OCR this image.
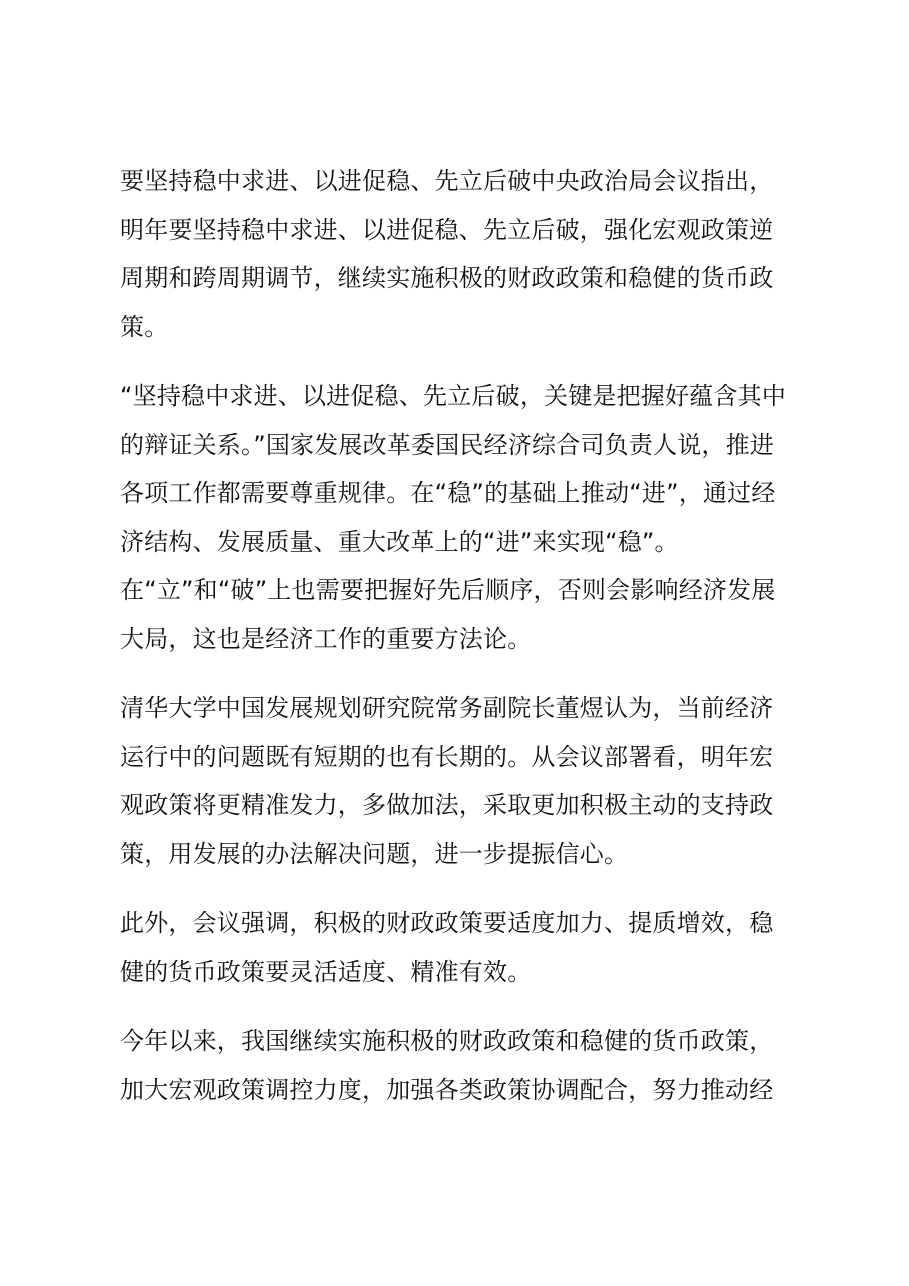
要坚持稳中求进、以进促稳、先立后破中央政治局会议指出，明年要坚持稳中求进、以进促稳、先立后破，强化宏观政策逆周期和跨周期调节，继续实施积极的财政政策和稳健的货币政策。

“坚持稳中求进、以进促稳、先立后破，关键是把握好蕴含其中的辩证关系。”国家发展改革委国民经济综合司负责人说，推进各项工作都需要尊重规律。在“稳”的基础上推动“进”，通过经济结构、发展质量、重大改革上的“进”来实现“稳”。在“立”和“破”上也需要把握好先后顺序，否则会影响经济发展大局，这也是经济工作的重要方法论。

清华大学中国发展规划研究院常务副院长董煜认为，当前经济运行中的问题既有短期的也有长期的。从会议部署看，明年宏观政策将更精准发力，多做加法，采取更加积极主动的支持政策，用发展的办法解决问题，进一步提振信心。

此外，会议强调，积极的财政政策要适度加力、提质增效，稳健的货币政策要灵活适度、精准有效。

今年以来，我国继续实施积极的财政政策和稳健的货币政策，加大宏观政策调控力度，加强各类政策协调配合，努力推动经
